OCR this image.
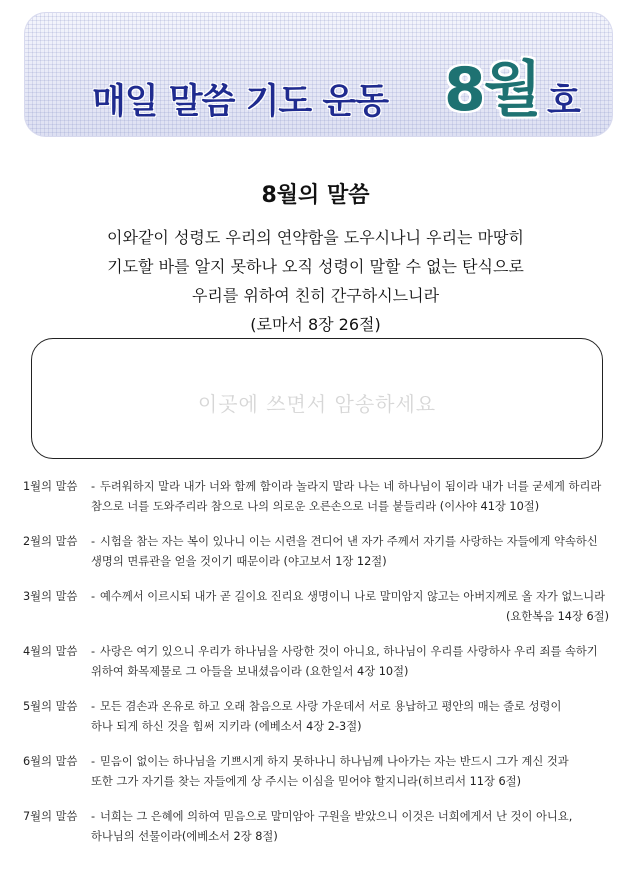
매일 말씀 기도 운동 8월 호
8월의 말씀
이와같이 성령도 우리의 연약함을 도우시나니 우리는 마땅히
기도할 바를 알지 못하나 오직 성령이 말할 수 없는 탄식으로
우리를 위하여 친히 간구하시느니라
(로마서 8장 26절)
이곳에 쓰면서 암송하세요
1월의 말씀	- 두려워하지 말라 내가 너와 함께 함이라 놀라지 말라 나는 네 하나님이 됨이라 내가 너를 굳세게 하리라
참으로 너를 도와주리라 참으로 나의 의로운 오른손으로 너를 붙들리라 (이사야 41장 10절)
2월의 말씀	- 시험을 참는 자는 복이 있나니 이는 시련을 견디어 낸 자가 주께서 자기를 사랑하는 자들에게 약속하신
생명의 면류관을 얻을 것이기 때문이라 (야고보서 1장 12절)
3월의 말씀	- 예수께서 이르시되 내가 곧 길이요 진리요 생명이니 나로 말미암지 않고는 아버지께로 올 자가 없느니라
(요한복음 14장 6절)
4월의 말씀	- 사랑은 여기 있으니 우리가 하나님을 사랑한 것이 아니요, 하나님이 우리를 사랑하사 우리 죄를 속하기
위하여 화목제물로 그 아들을 보내셨음이라 (요한일서 4장 10절)
5월의 말씀	- 모든 겸손과 온유로 하고 오래 참음으로 사랑 가운데서 서로 용납하고 평안의 매는 줄로 성령이
하나 되게 하신 것을 힘써 지키라 (에베소서 4장 2-3절)
6월의 말씀	- 믿음이 없이는 하나님을 기쁘시게 하지 못하나니 하나님께 나아가는 자는 반드시 그가 계신 것과
또한 그가 자기를 찾는 자들에게 상 주시는 이심을 믿어야 할지니라(히브리서 11장 6절)
7월의 말씀	- 너희는 그 은혜에 의하여 믿음으로 말미암아 구원을 받았으니 이것은 너희에게서 난 것이 아니요,
하나님의 선물이라(에베소서 2장 8절)
